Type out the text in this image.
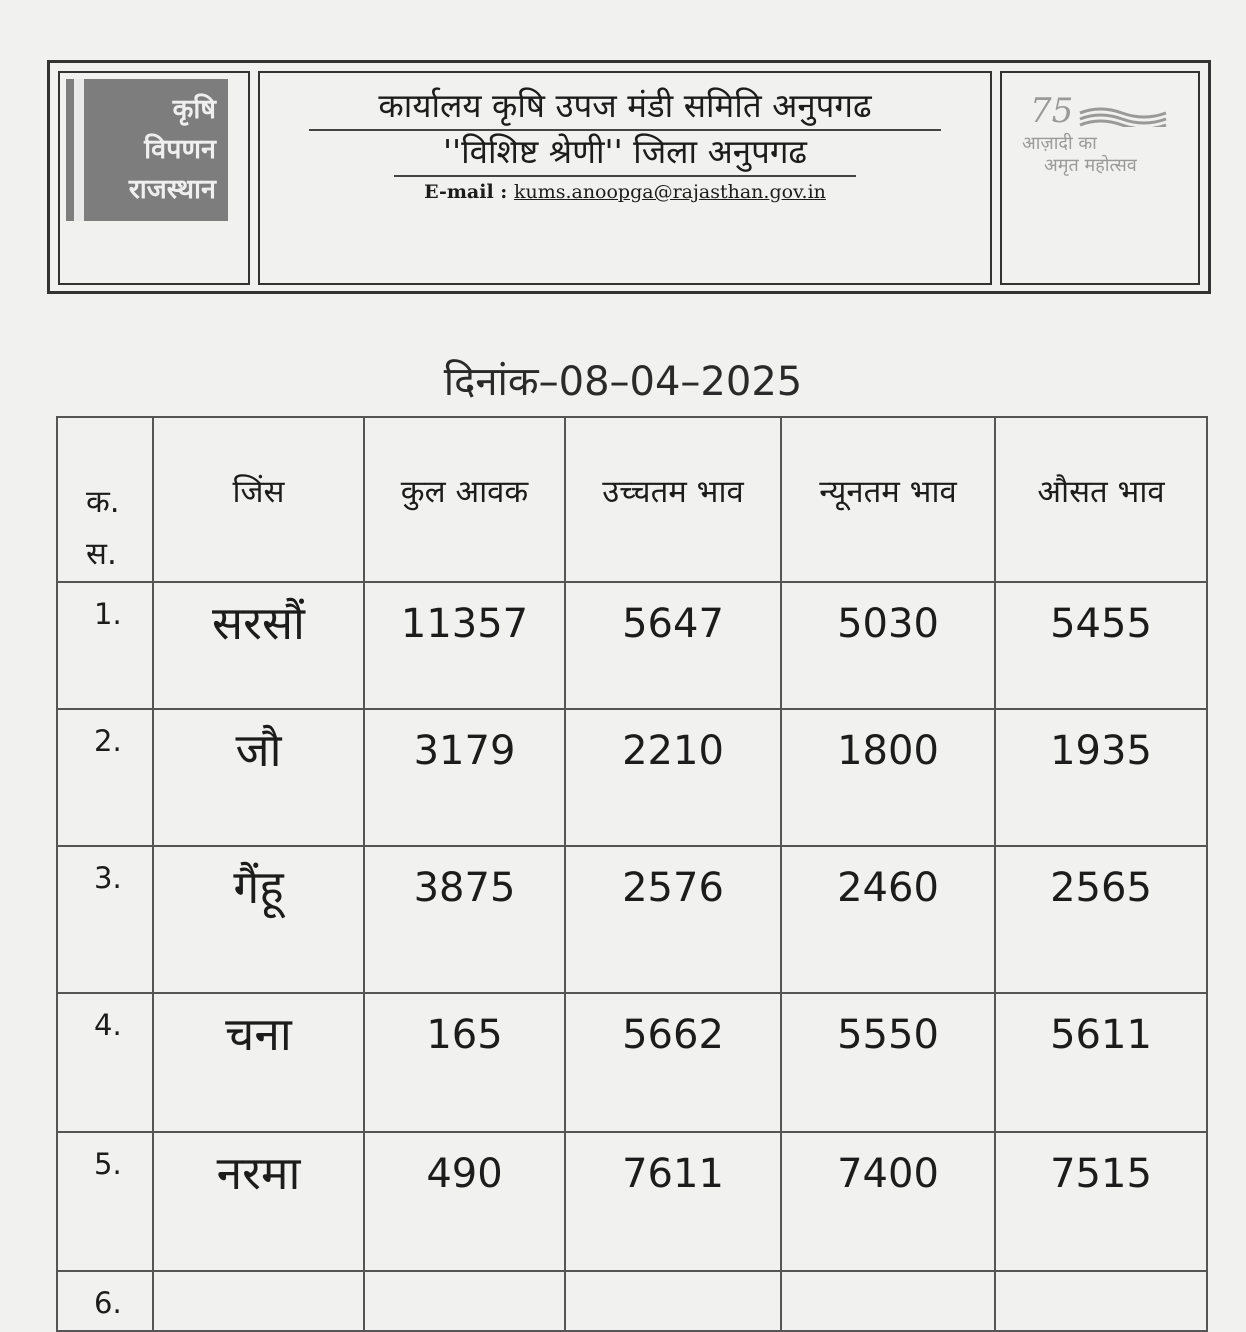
कृषि
विपणन
राजस्थान
कार्यालय कृषि उपज मंडी समिति अनुपगढ
''विशिष्ट श्रेणी'' जिला अनुपगढ
E-mail : kums.anoopga@rajasthan.gov.in
75
आज़ादी का
अमृत महोत्सव
दिनांक–08–04–2025
क. स.	जिंस	कुल आवक	उच्चतम भाव	न्यूनतम भाव	औसत भाव
1.	सरसौं	11357	5647	5030	5455
2.	जौ	3179	2210	1800	1935
3.	गैंहू	3875	2576	2460	2565
4.	चना	165	5662	5550	5611
5.	नरमा	490	7611	7400	7515
6.					
